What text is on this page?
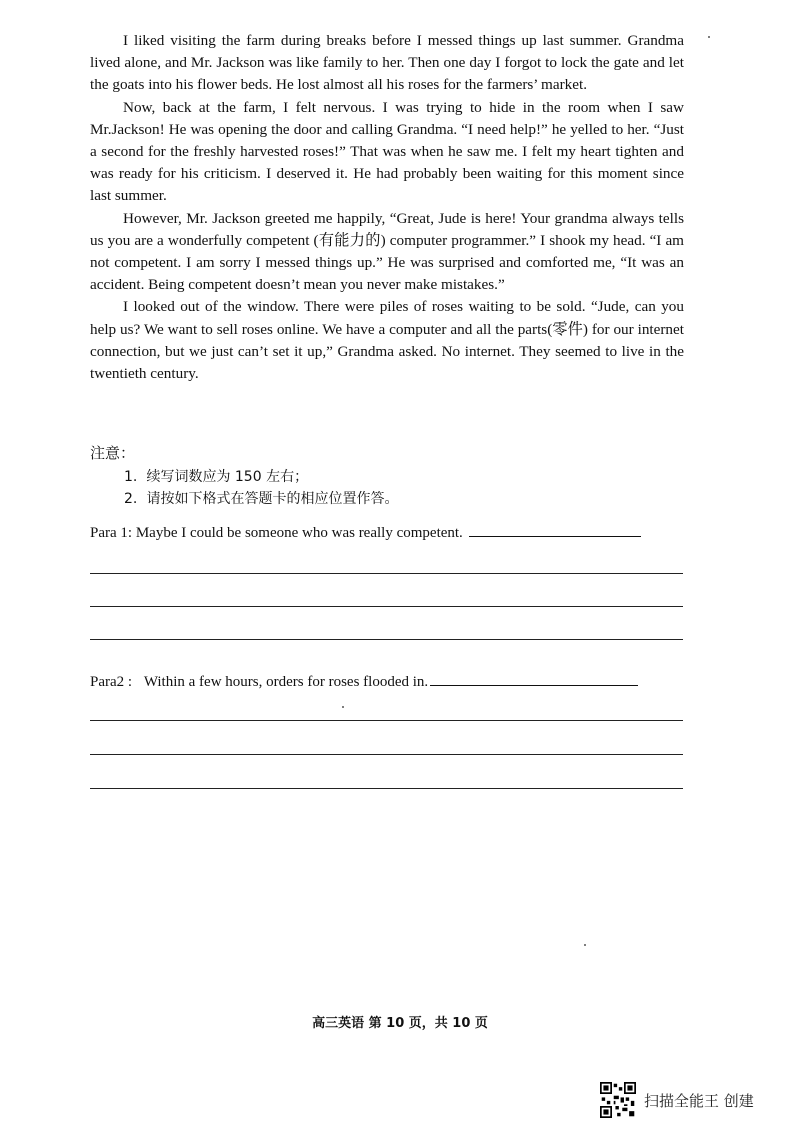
I liked visiting the farm during breaks before I messed things up last summer. Grandma lived alone, and Mr. Jackson was like family to her. Then one day I forgot to lock the gate and let the goats into his flower beds. He lost almost all his roses for the farmers’ market.

Now, back at the farm, I felt nervous. I was trying to hide in the room when I saw Mr.Jackson! He was opening the door and calling Grandma. “I need help!” he yelled to her. “Just a second for the freshly harvested roses!” That was when he saw me. I felt my heart tighten and was ready for his criticism. I deserved it. He had probably been waiting for this moment since last summer.

However, Mr. Jackson greeted me happily, “Great, Jude is here! Your grandma always tells us you are a wonderfully competent (有能力的) computer programmer.” I shook my head. “I am not competent. I am sorry I messed things up.” He was surprised and comforted me, “It was an accident. Being competent doesn’t mean you never make mistakes.”

I looked out of the window. There were piles of roses waiting to be sold. “Jude, can you help us? We want to sell roses online. We have a computer and all the parts(零件) for our internet connection, but we just can’t set it up,” Grandma asked. No internet. They seemed to live in the twentieth century.

注意：
1. 续写词数应为 150 左右；
2. 请按如下格式在答题卡的相应位置作答。
Para 1: Maybe I could be someone who was really competent.
Para2 : Within a few hours, orders for roses flooded in.
高三英语 第 10 页，共 10 页
扫描全能王 创建
